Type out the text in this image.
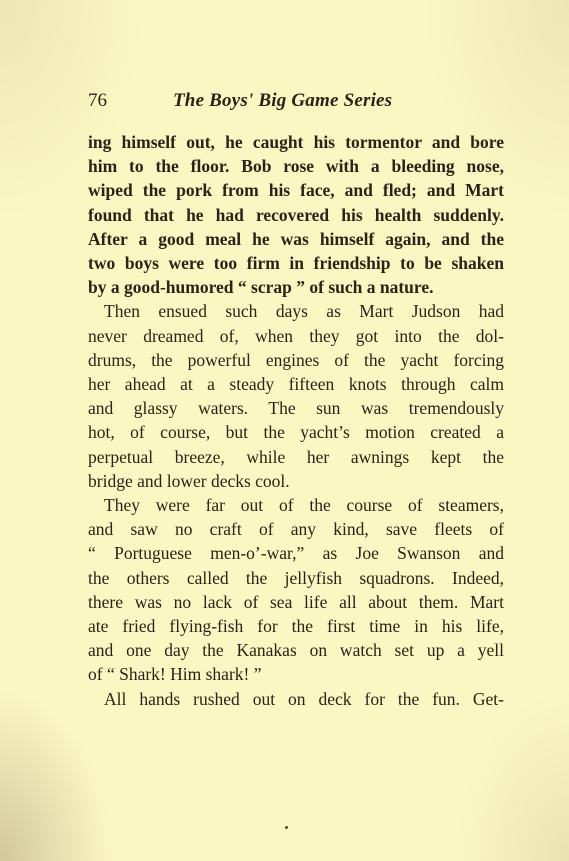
76	The Boys' Big Game Series
ing himself out, he caught his tormentor and bore
him to the floor. Bob rose with a bleeding nose,
wiped the pork from his face, and fled; and Mart
found that he had recovered his health suddenly.
After a good meal he was himself again, and the
two boys were too firm in friendship to be shaken
by a good-humored “ scrap ” of such a nature.
Then ensued such days as Mart Judson had
never dreamed of, when they got into the dol-
drums, the powerful engines of the yacht forcing
her ahead at a steady fifteen knots through calm
and glassy waters. The sun was tremendously
hot, of course, but the yacht’s motion created a
perpetual breeze, while her awnings kept the
bridge and lower decks cool.
They were far out of the course of steamers,
and saw no craft of any kind, save fleets of
“ Portuguese men-o’-war,” as Joe Swanson and
the others called the jellyfish squadrons. Indeed,
there was no lack of sea life all about them. Mart
ate fried flying-fish for the first time in his life,
and one day the Kanakas on watch set up a yell
of “ Shark! Him shark! ”
All hands rushed out on deck for the fun. Get-
